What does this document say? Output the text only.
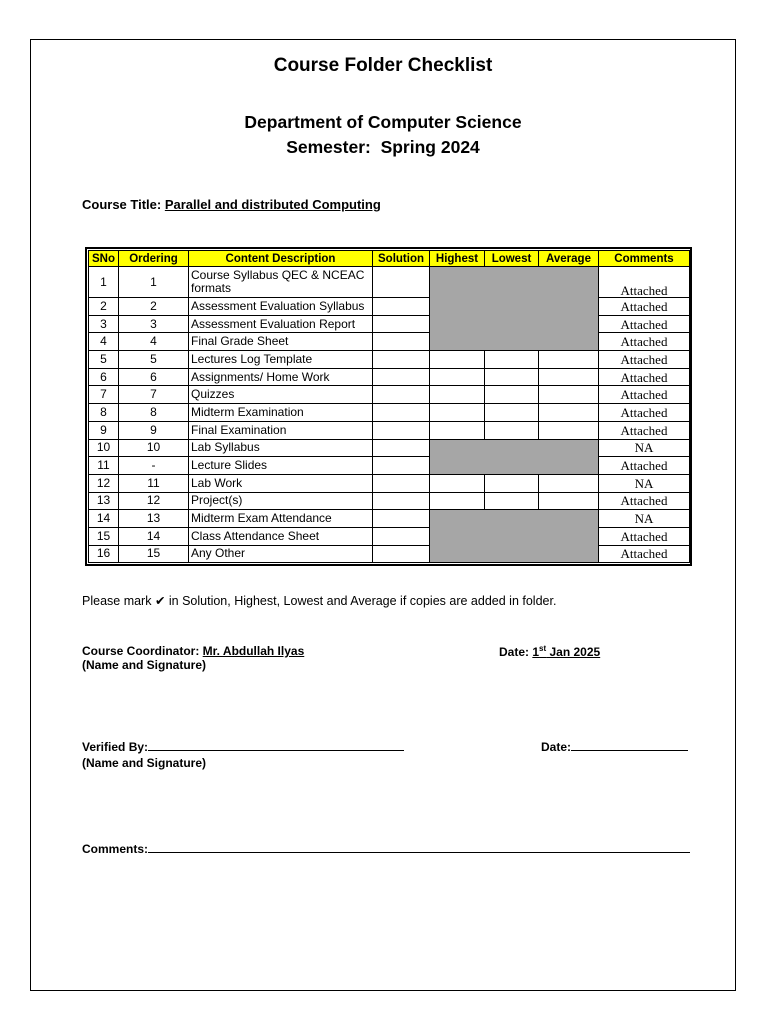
Course Folder Checklist
Department of Computer Science
Semester:  Spring 2024
Course Title: Parallel and distributed Computing
SNo	Ordering	Content Description	Solution	Highest	Lowest	Average	Comments
1	1	Course Syllabus QEC & NCEAC formats					Attached
2	2	Assessment Evaluation Syllabus					Attached
3	3	Assessment Evaluation Report					Attached
4	4	Final Grade Sheet					Attached
5	5	Lectures Log Template					Attached
6	6	Assignments/ Home Work					Attached
7	7	Quizzes					Attached
8	8	Midterm Examination					Attached
9	9	Final Examination					Attached
10	10	Lab Syllabus					NA
11	-	Lecture Slides					Attached
12	11	Lab Work					NA
13	12	Project(s)					Attached
14	13	Midterm Exam Attendance					NA
15	14	Class Attendance Sheet					Attached
16	15	Any Other					Attached
Please mark ✔ in Solution, Highest, Lowest and Average if copies are added in folder.
Course Coordinator: Mr. Abdullah Ilyas
(Name and Signature)
Date: 1st Jan 2025
Verified By:
(Name and Signature)
Date:
Comments:
